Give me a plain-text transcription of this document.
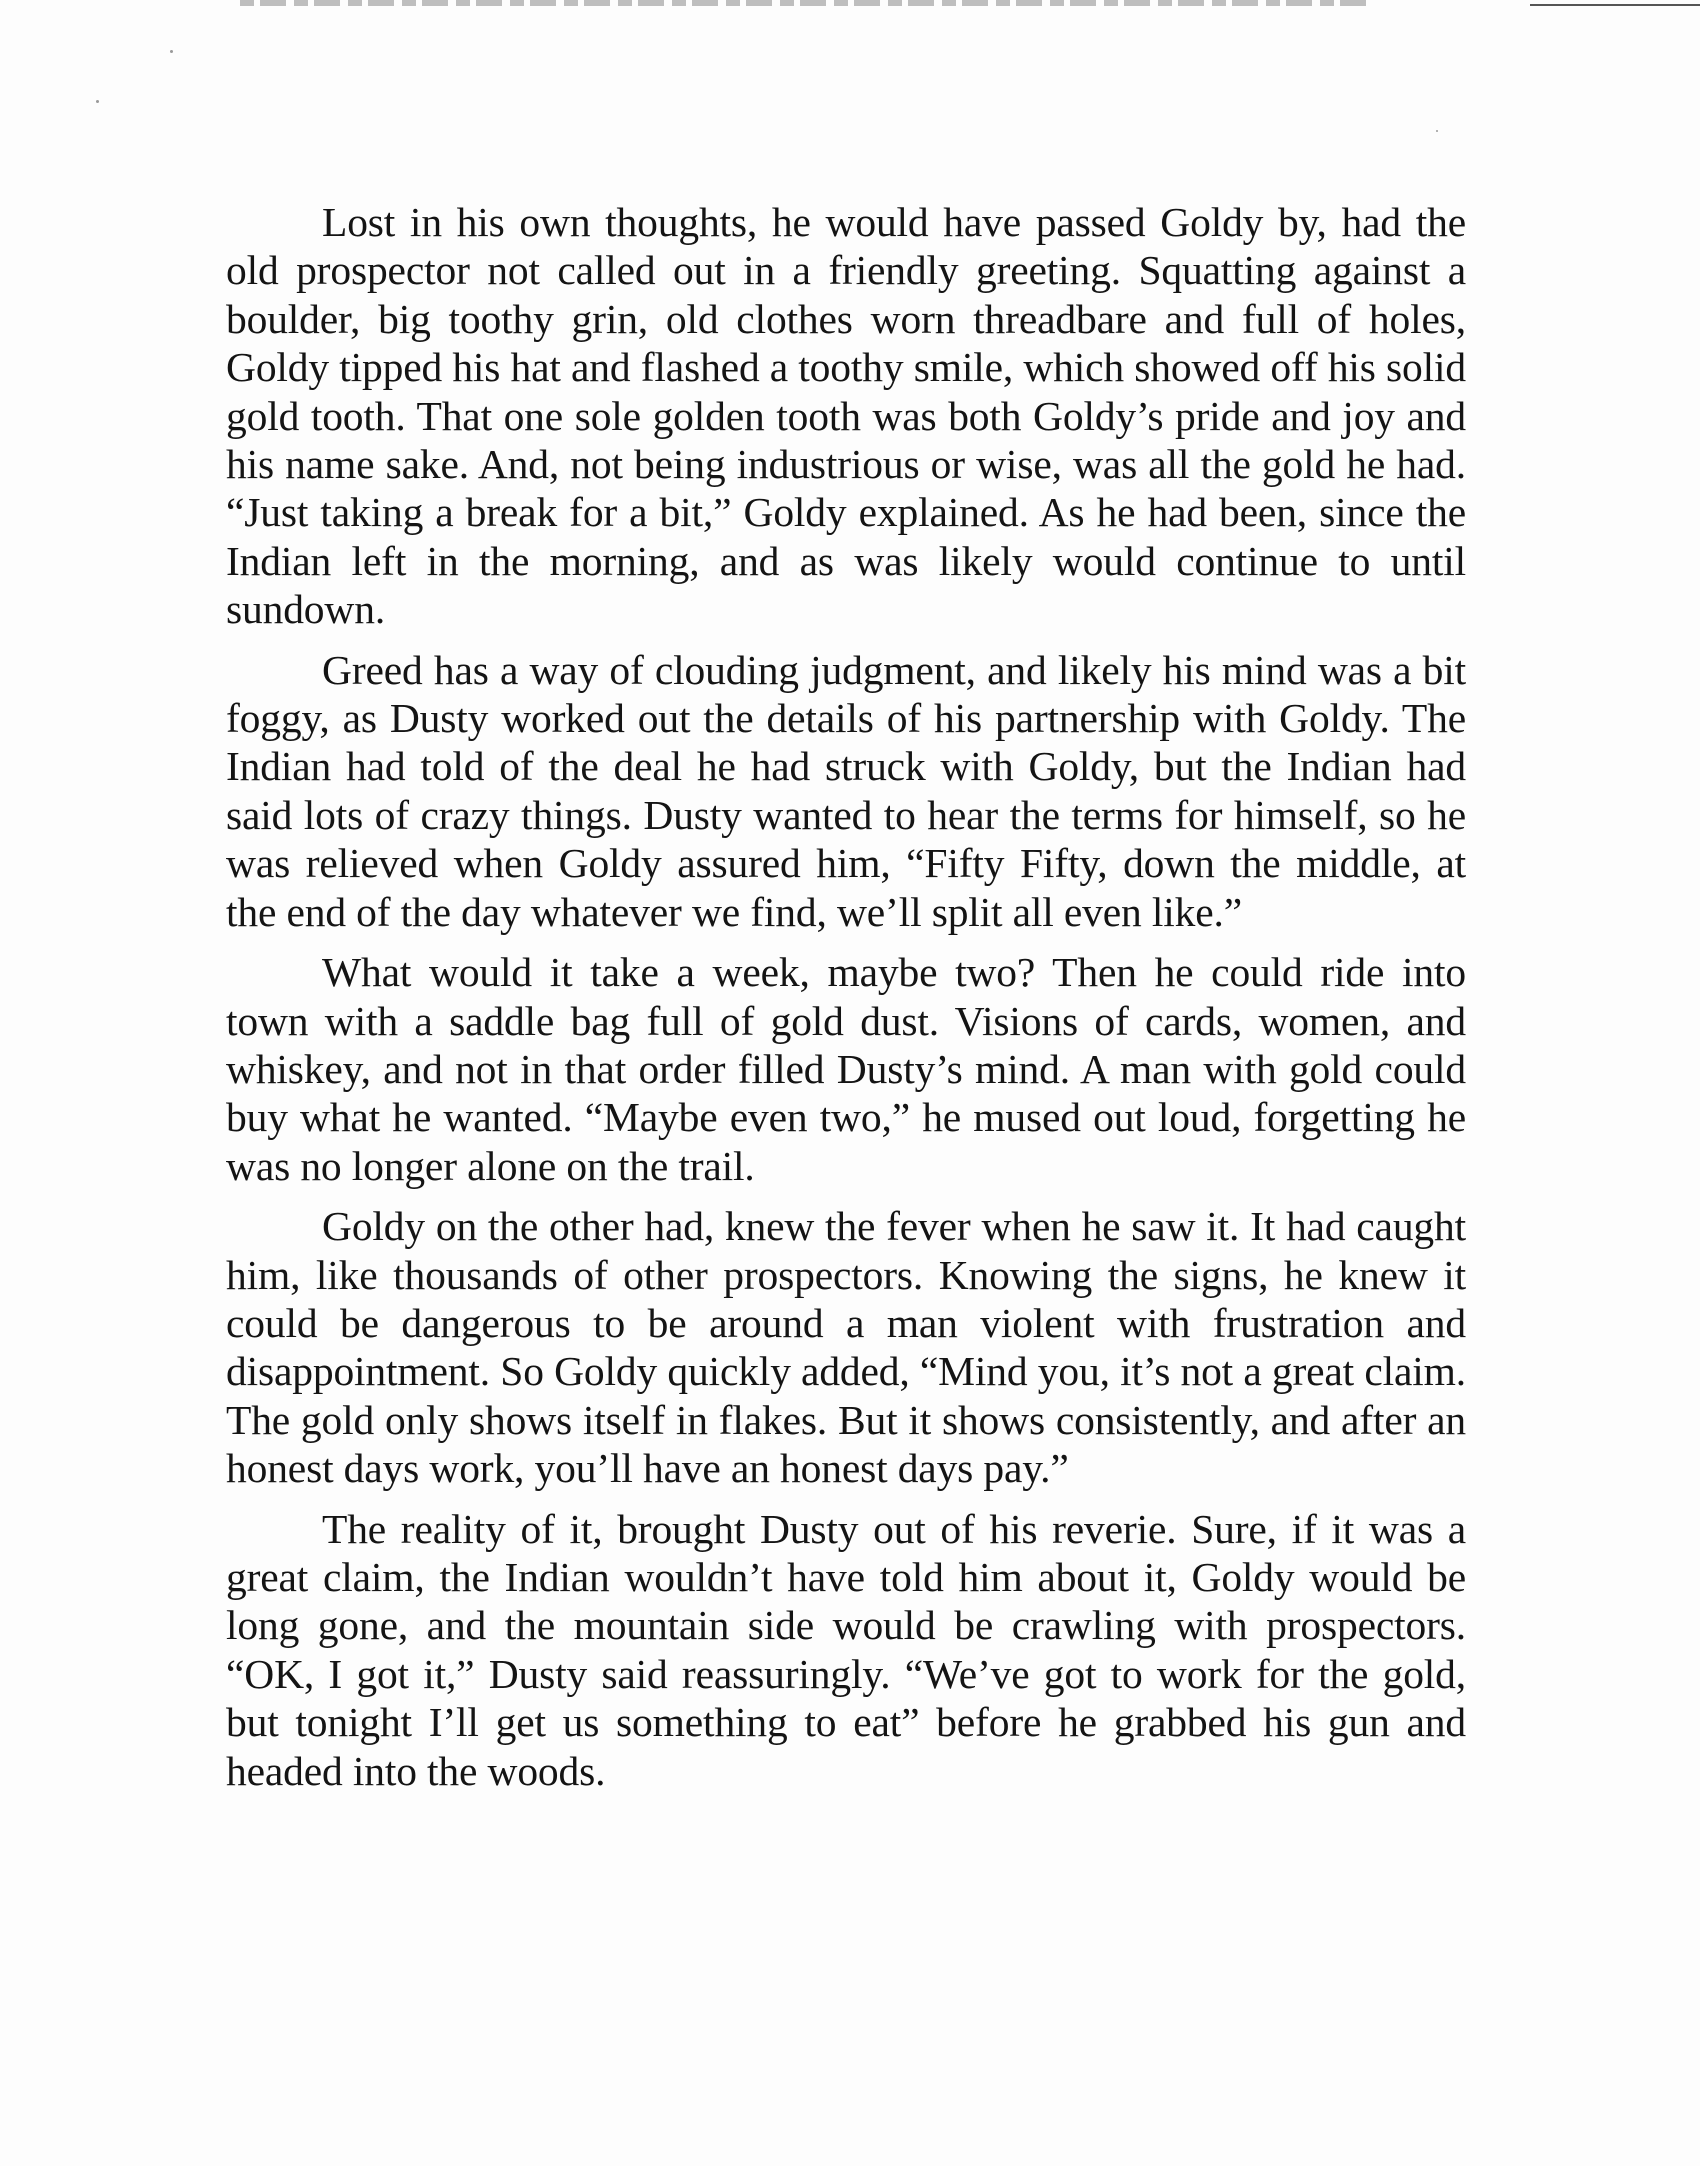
Lost in his own thoughts, he would have passed Goldy by, had the old prospector not called out in a friendly greeting. Squatting against a boulder, big toothy grin, old clothes worn threadbare and full of holes, Goldy tipped his hat and flashed a toothy smile, which showed off his solid gold tooth. That one sole golden tooth was both Goldy’s pride and joy and his name sake. And, not being industrious or wise, was all the gold he had. “Just taking a break for a bit,” Goldy explained. As he had been, since the Indian left in the morning, and as was likely would continue to until sundown.

Greed has a way of clouding judgment, and likely his mind was a bit foggy, as Dusty worked out the details of his partnership with Goldy. The Indian had told of the deal he had struck with Goldy, but the Indian had said lots of crazy things. Dusty wanted to hear the terms for himself, so he was relieved when Goldy assured him, “Fifty Fifty, down the middle, at the end of the day whatever we find, we’ll split all even like.”

What would it take a week, maybe two? Then he could ride into town with a saddle bag full of gold dust. Visions of cards, women, and whiskey, and not in that order filled Dusty’s mind. A man with gold could buy what he wanted. “Maybe even two,” he mused out loud, forgetting he was no longer alone on the trail.

Goldy on the other had, knew the fever when he saw it. It had caught him, like thousands of other prospectors. Knowing the signs, he knew it could be dangerous to be around a man violent with frustration and disappointment. So Goldy quickly added, “Mind you, it’s not a great claim. The gold only shows itself in flakes. But it shows consistently, and after an honest days work, you’ll have an honest days pay.”

The reality of it, brought Dusty out of his reverie. Sure, if it was a great claim, the Indian wouldn’t have told him about it, Goldy would be long gone, and the mountain side would be crawling with prospectors. “OK, I got it,” Dusty said reassuringly. “We’ve got to work for the gold, but tonight I’ll get us something to eat” before he grabbed his gun and headed into the woods.
